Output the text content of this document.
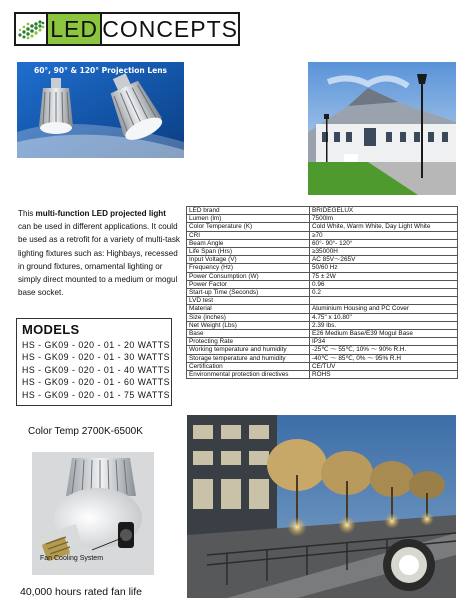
LED CONCEPTS
60°, 90° & 120° Projection Lens
This multi-function LED projected light can be used in different applications. It could be used as a retrofit for a variety of multi-task lighting fixtures such as: Highbays, recessed in ground fixtures, ornamental lighting or simply direct mounted to a medium or mogul base socket.
MODELS
HS - GK09 - 020 - 01 - 20 WATTS
HS - GK09 - 020 - 01 - 30 WATTS
HS - GK09 - 020 - 01 - 40 WATTS
HS - GK09 - 020 - 01 - 60 WATTS
HS - GK09 - 020 - 01 - 75 WATTS
LED brand	BRIDEGELUX
Lumen (lm)	7500lm
Color Temperature (K)	Cold White, Warm White, Day Light White
CRI	≥70
Beam Angle	60°- 90°- 120°
Life Span (Hrs)	≥35000H
Input Voltage (V)	AC 85V～265V
Frequency (Hz)	50/60 Hz
Power Consumption (W)	75 ± 2W
Power Factor	0.96
Start-up Time (Seconds)	0.2
LVD test	
Material	Aluminium Housing and PC Cover
Size (inches)	4.75" x 10.80"
Net Weight (Lbs)	2.39 lbs.
Base	E26 Medium Base/E39 Mogul Base
Protecting Rate	IP34
Working temperature and humidity	-25℃ ～ 55℃, 10% ～ 90% R.H.
Storage temperature and humidity	-40℃ ～ 85℃, 0% ～ 95% R.H
Certification	CE/TUV
Environmental protection directives	ROHS
Color Temp 2700K-6500K
Fan Cooling System
40,000 hours rated fan life
